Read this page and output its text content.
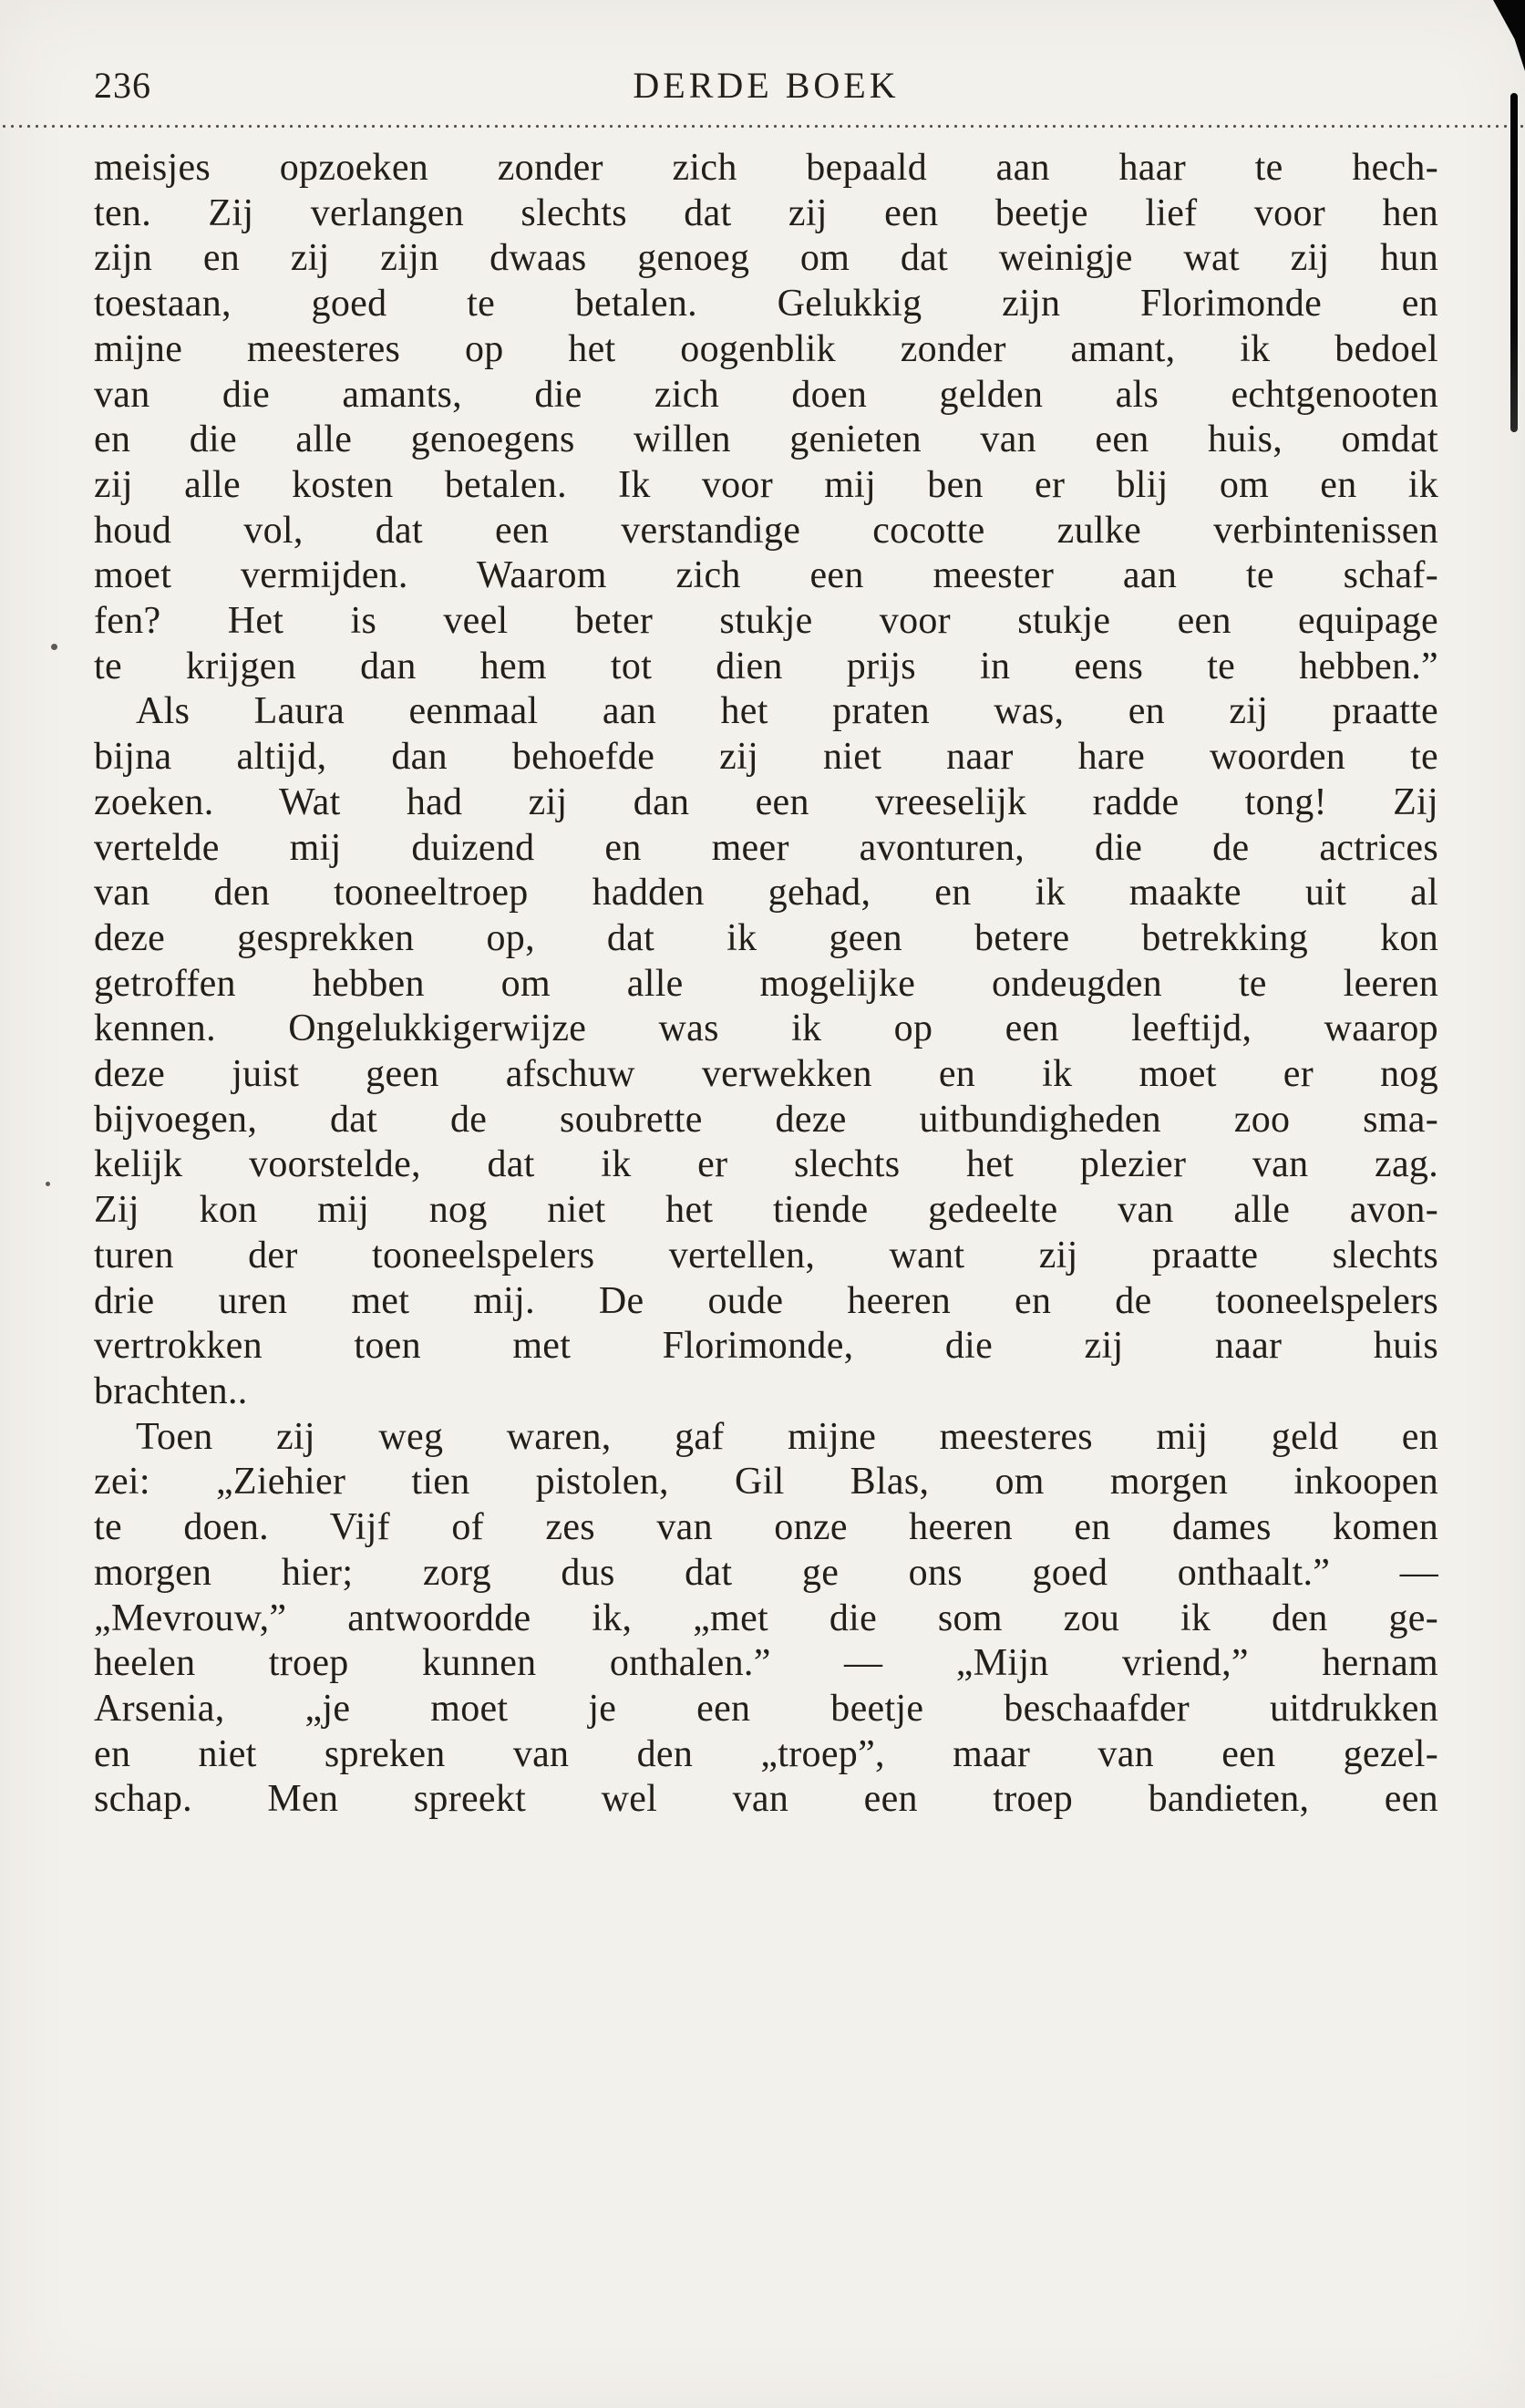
236	DERDE BOEK
meisjes opzoeken zonder zich bepaald aan haar te hech-
ten. Zij verlangen slechts dat zij een beetje lief voor hen
zijn en zij zijn dwaas genoeg om dat weinigje wat zij hun
toestaan, goed te betalen. Gelukkig zijn Florimonde en
mijne meesteres op het oogenblik zonder amant, ik bedoel
van die amants, die zich doen gelden als echtgenooten
en die alle genoegens willen genieten van een huis, omdat
zij alle kosten betalen. Ik voor mij ben er blij om en ik
houd vol, dat een verstandige cocotte zulke verbintenissen
moet vermijden. Waarom zich een meester aan te schaf-
fen? Het is veel beter stukje voor stukje een equipage
te krijgen dan hem tot dien prijs in eens te hebben.”
Als Laura eenmaal aan het praten was, en zij praatte
bijna altijd, dan behoefde zij niet naar hare woorden te
zoeken. Wat had zij dan een vreeselijk radde tong! Zij
vertelde mij duizend en meer avonturen, die de actrices
van den tooneeltroep hadden gehad, en ik maakte uit al
deze gesprekken op, dat ik geen betere betrekking kon
getroffen hebben om alle mogelijke ondeugden te leeren
kennen. Ongelukkigerwijze was ik op een leeftijd, waarop
deze juist geen afschuw verwekken en ik moet er nog
bijvoegen, dat de soubrette deze uitbundigheden zoo sma-
kelijk voorstelde, dat ik er slechts het plezier van zag.
Zij kon mij nog niet het tiende gedeelte van alle avon-
turen der tooneelspelers vertellen, want zij praatte slechts
drie uren met mij. De oude heeren en de tooneelspelers
vertrokken toen met Florimonde, die zij naar huis
brachten..
Toen zij weg waren, gaf mijne meesteres mij geld en
zei: „Ziehier tien pistolen, Gil Blas, om morgen inkoopen
te doen. Vijf of zes van onze heeren en dames komen
morgen hier; zorg dus dat ge ons goed onthaalt.” —
„Mevrouw,” antwoordde ik, „met die som zou ik den ge-
heelen troep kunnen onthalen.” — „Mijn vriend,” hernam
Arsenia, „je moet je een beetje beschaafder uitdrukken
en niet spreken van den „troep”, maar van een gezel-
schap. Men spreekt wel van een troep bandieten, een
